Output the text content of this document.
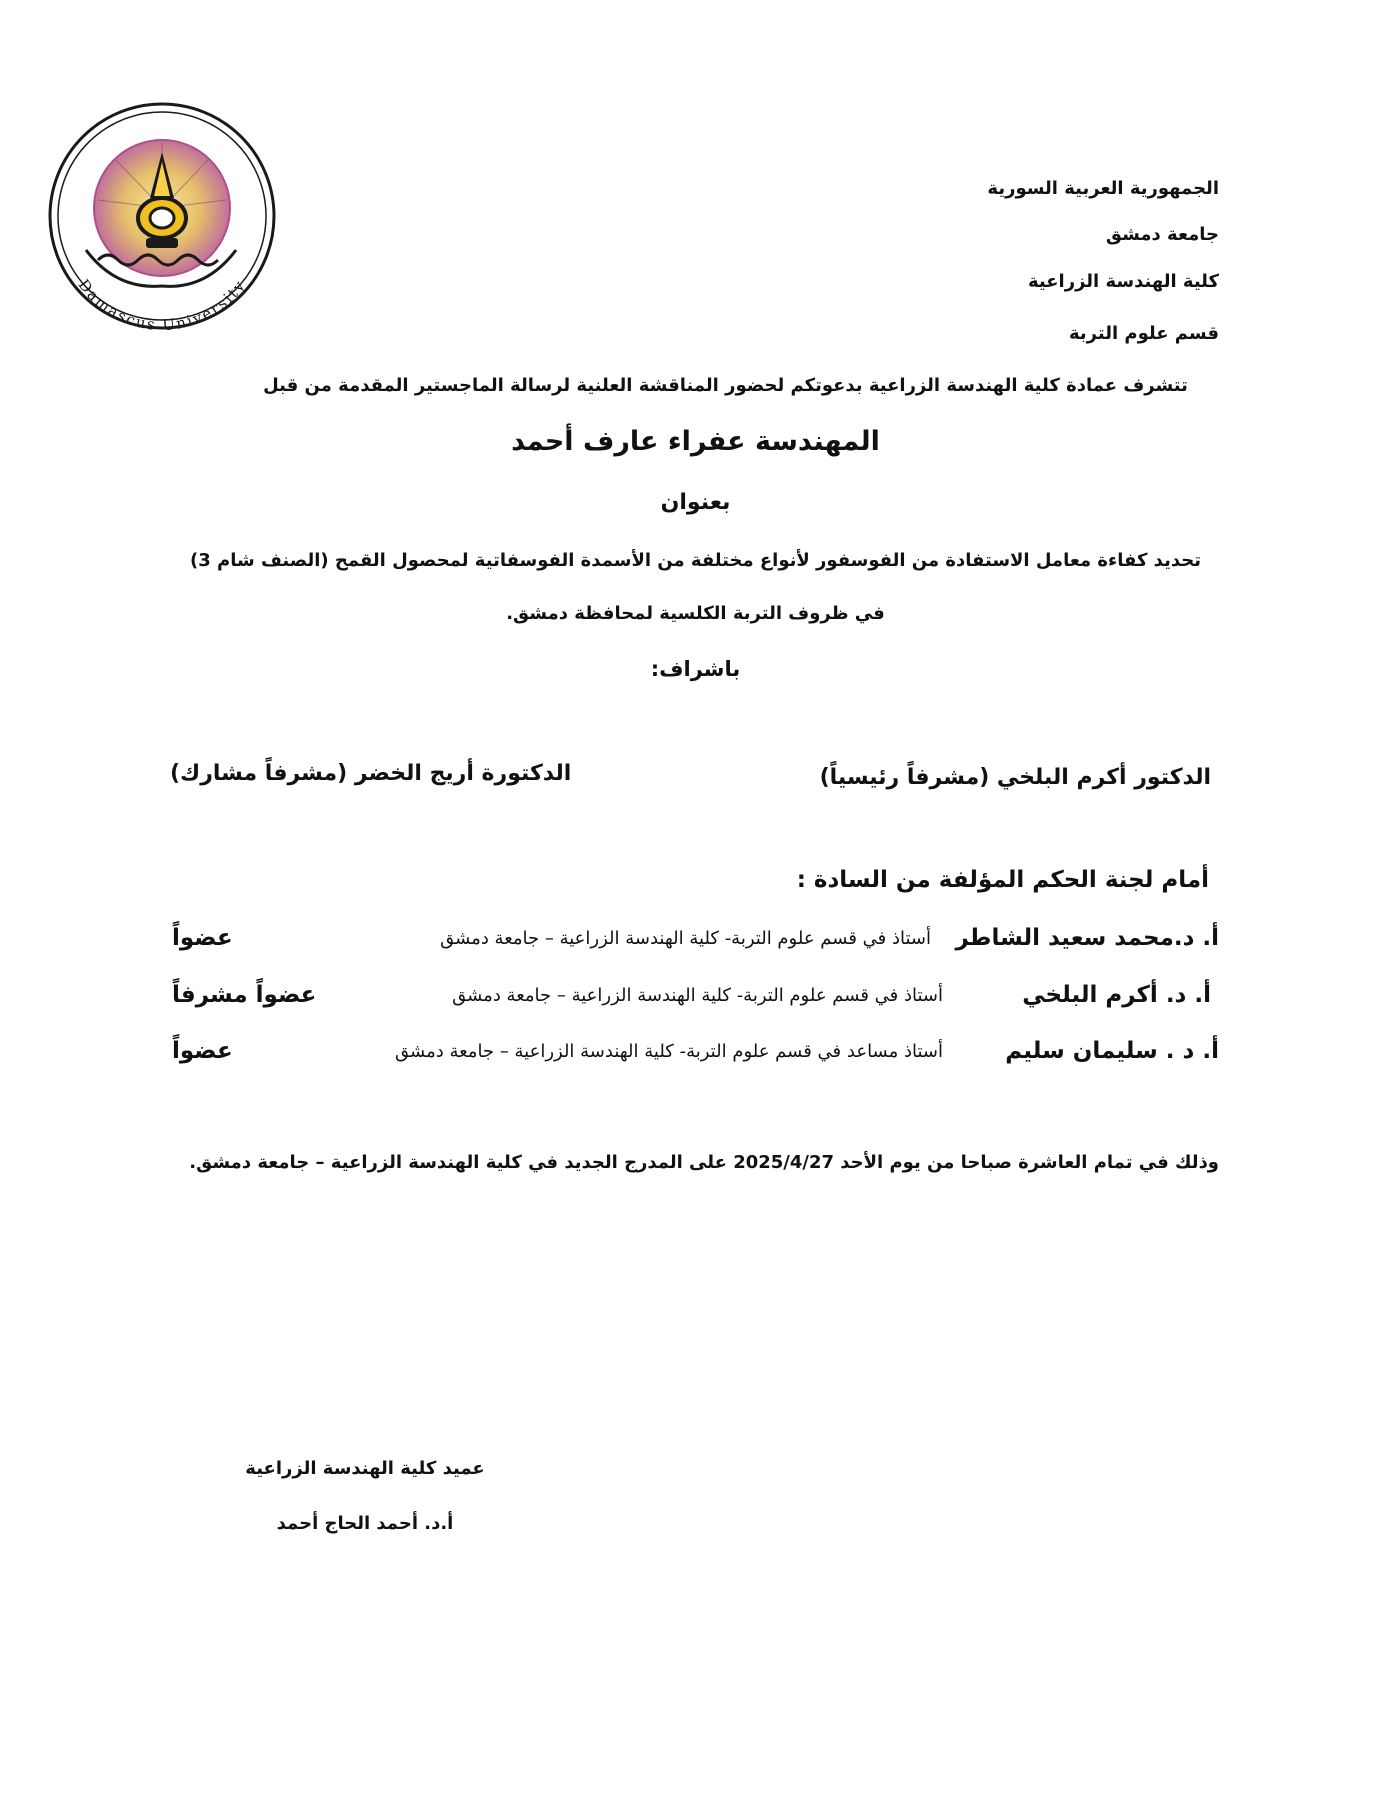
Damascus University
الجمهورية العربية السورية
جامعة دمشق
كلية الهندسة الزراعية
قسم علوم التربة
تتشرف عمادة كلية الهندسة الزراعية بدعوتكم لحضور المناقشة العلنية لرسالة الماجستير المقدمة من قبل
المهندسة عفراء عارف أحمد
بعنوان
تحديد كفاءة معامل الاستفادة من الفوسفور لأنواع مختلفة من الأسمدة الفوسفاتية لمحصول القمح (الصنف شام 3)
في ظروف التربة الكلسية لمحافظة دمشق.
باشراف:
الدكتور أكرم البلخي (مشرفاً رئيسياً)
الدكتورة أريج الخضر (مشرفاً مشارك)
أمام لجنة الحكم المؤلفة من السادة :
أ. د.محمد سعيد الشاطر
أستاذ في قسم علوم التربة- كلية الهندسة الزراعية – جامعة دمشق
عضواً
أ. د. أكرم البلخي
أستاذ في قسم علوم التربة- كلية الهندسة الزراعية – جامعة دمشق
عضواً مشرفاً
أ. د . سليمان سليم
أستاذ مساعد في قسم علوم التربة- كلية الهندسة الزراعية – جامعة دمشق
عضواً
وذلك في تمام العاشرة صباحا من يوم الأحد 2025/4/27 على المدرج الجديد في كلية الهندسة الزراعية – جامعة دمشق.
عميد كلية الهندسة الزراعية
أ.د. أحمد الحاج أحمد
